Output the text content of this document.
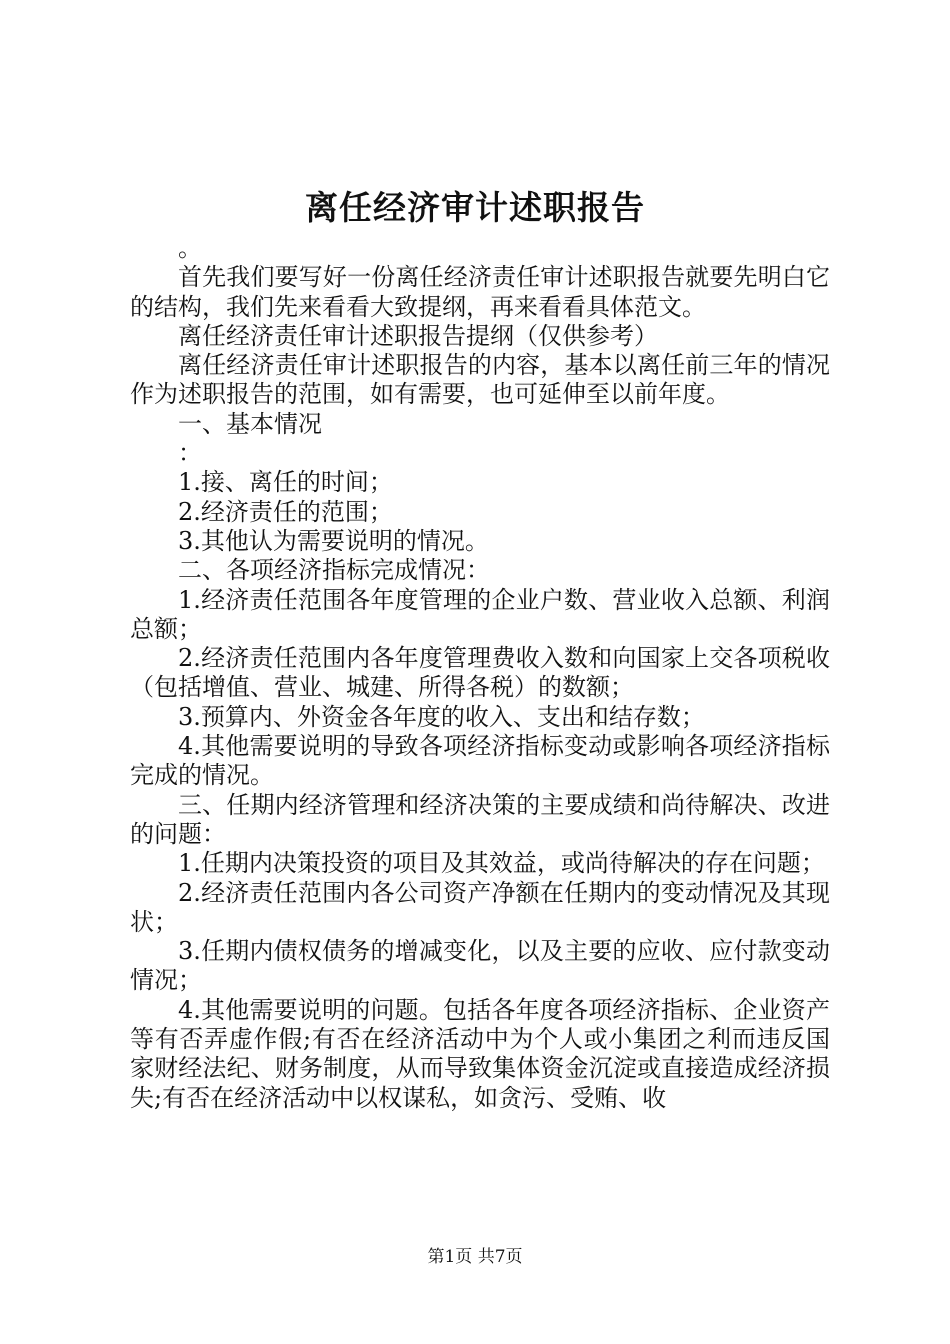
离任经济审计述职报告

。

首先我们要写好一份离任经济责任审计述职报告就要先明白它的结构，我们先来看看大致提纲，再来看看具体范文。

离任经济责任审计述职报告提纲（仅供参考）

离任经济责任审计述职报告的内容，基本以离任前三年的情况作为述职报告的范围，如有需要，也可延伸至以前年度。

一、基本情况

：

1.接、离任的时间；

2.经济责任的范围；

3.其他认为需要说明的情况。

二、各项经济指标完成情况：

1.经济责任范围各年度管理的企业户数、营业收入总额、利润总额；

2.经济责任范围内各年度管理费收入数和向国家上交各项税收（包括增值、营业、城建、所得各税）的数额；

3.预算内、外资金各年度的收入、支出和结存数；

4.其他需要说明的导致各项经济指标变动或影响各项经济指标完成的情况。

三、任期内经济管理和经济决策的主要成绩和尚待解决、改进的问题：

1.任期内决策投资的项目及其效益，或尚待解决的存在问题；

2.经济责任范围内各公司资产净额在任期内的变动情况及其现状；

3.任期内债权债务的增减变化，以及主要的应收、应付款变动情况；

4.其他需要说明的问题。包括各年度各项经济指标、企业资产等有否弄虚作假;有否在经济活动中为个人或小集团之利而违反国家财经法纪、财务制度，从而导致集体资金沉淀或直接造成经济损失;有否在经济活动中以权谋私，如贪污、受贿、收

第1页 共7页
